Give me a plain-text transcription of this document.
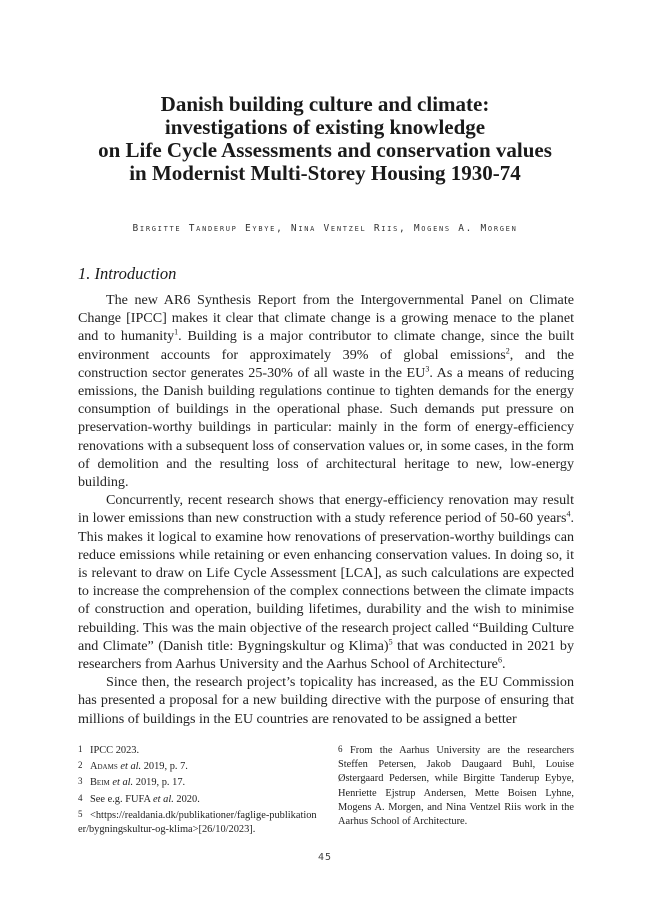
Danish building culture and climate:
investigations of existing knowledge
on Life Cycle Assessments and conservation values
in Modernist Multi-Storey Housing 1930-74
Birgitte Tanderup Eybye, Nina Ventzel Riis, Mogens A. Morgen
1. Introduction

The new AR6 Synthesis Report from the Intergovernmental Panel on Climate Change [IPCC] makes it clear that climate change is a growing menace to the planet and to humanity$^1$. Building is a major contributor to climate change, since the built environment accounts for approximately 39% of global emissions$^2$, and the construction sector generates 25-30% of all waste in the $EU^3$. As a means of reducing emissions, the Danish building regulations continue to tighten demands for the energy consumption of buildings in the operational phase. Such demands put pressure on preservation-worthy buildings in particular: mainly in the form of energy-efficiency renovations with a subsequent loss of conservation values or, in some cases, in the form of demolition and the resulting loss of architectural heritage to new, low-energy building.

Concurrently, recent research shows that energy-efficiency renovation may result in lower emissions than new construction with a study reference period of 50-60 years$^4$. This makes it logical to examine how renovations of preservation-worthy buildings can reduce emissions while retaining or even enhancing conservation values. In doing so, it is relevant to draw on Life Cycle Assessment [LCA], as such calculations are expected to increase the comprehension of the complex connections between the climate impacts of construction and operation, building lifetimes, durability and the wish to minimise rebuilding. This was the main objective of the research project called “Building Culture and Climate” (Danish title: Bygningskultur og Klima)$^5$ that was conducted in 2021 by researchers from Aarhus University and the Aarhus School of Architecture$^6$.

Since then, the research project’s topicality has increased, as the EU Commission has presented a proposal for a new building directive with the purpose of ensuring that millions of buildings in the EU countries are renovated to be assigned a better

1 IPCC 2023.
2 Adams et al. 2019, p. 7.
3 Beim et al. 2019, p. 17.
4 See e.g. FUFA et al. 2020.
5 <https://realdania.dk/publikationer/faglige-publikationer/bygningskultur-og-klima>[26/10/2023].
6 From the Aarhus University are the researchers Steffen Petersen, Jakob Daugaard Buhl, Louise Østergaard Pedersen, while Birgitte Tanderup Eybye, Henriette Ejstrup Andersen, Mette Boisen Lyhne, Mogens A. Morgen, and Nina Ventzel Riis work in the Aarhus School of Architecture.
45
